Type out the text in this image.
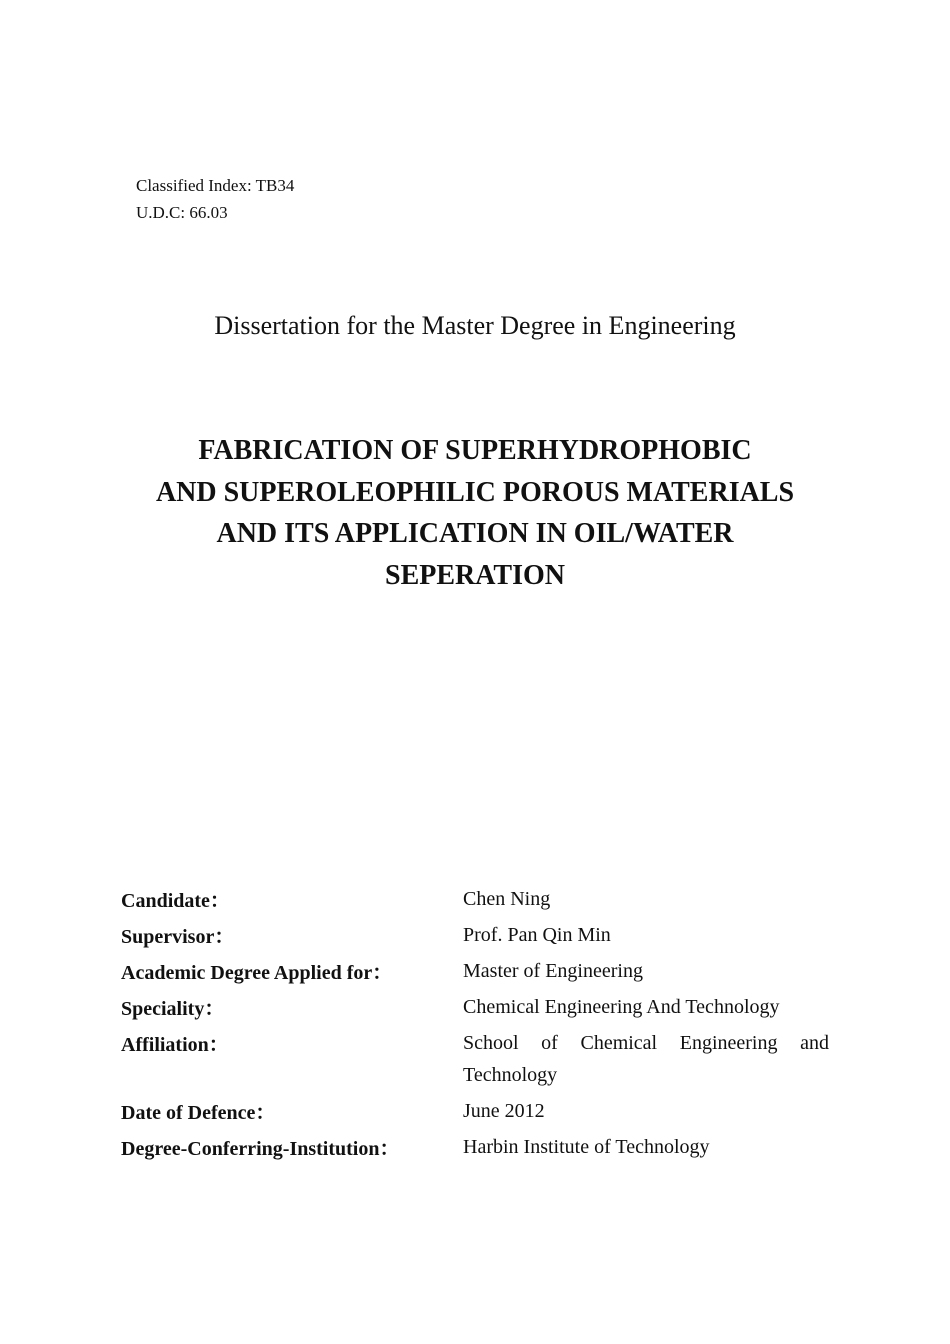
Classified Index: TB34
U.D.C: 66.03
Dissertation for the Master Degree in Engineering
FABRICATION OF SUPERHYDROPHOBIC
AND SUPEROLEOPHILIC POROUS MATERIALS
AND ITS APPLICATION IN OIL/WATER
SEPERATION
Candidate：	Chen Ning
Supervisor：	Prof. Pan Qin Min
Academic Degree Applied for：	Master of Engineering
Speciality：	Chemical Engineering And Technology
Affiliation：	School of Chemical Engineering and Technology
Date of Defence：	June 2012
Degree-Conferring-Institution：	Harbin Institute of Technology
